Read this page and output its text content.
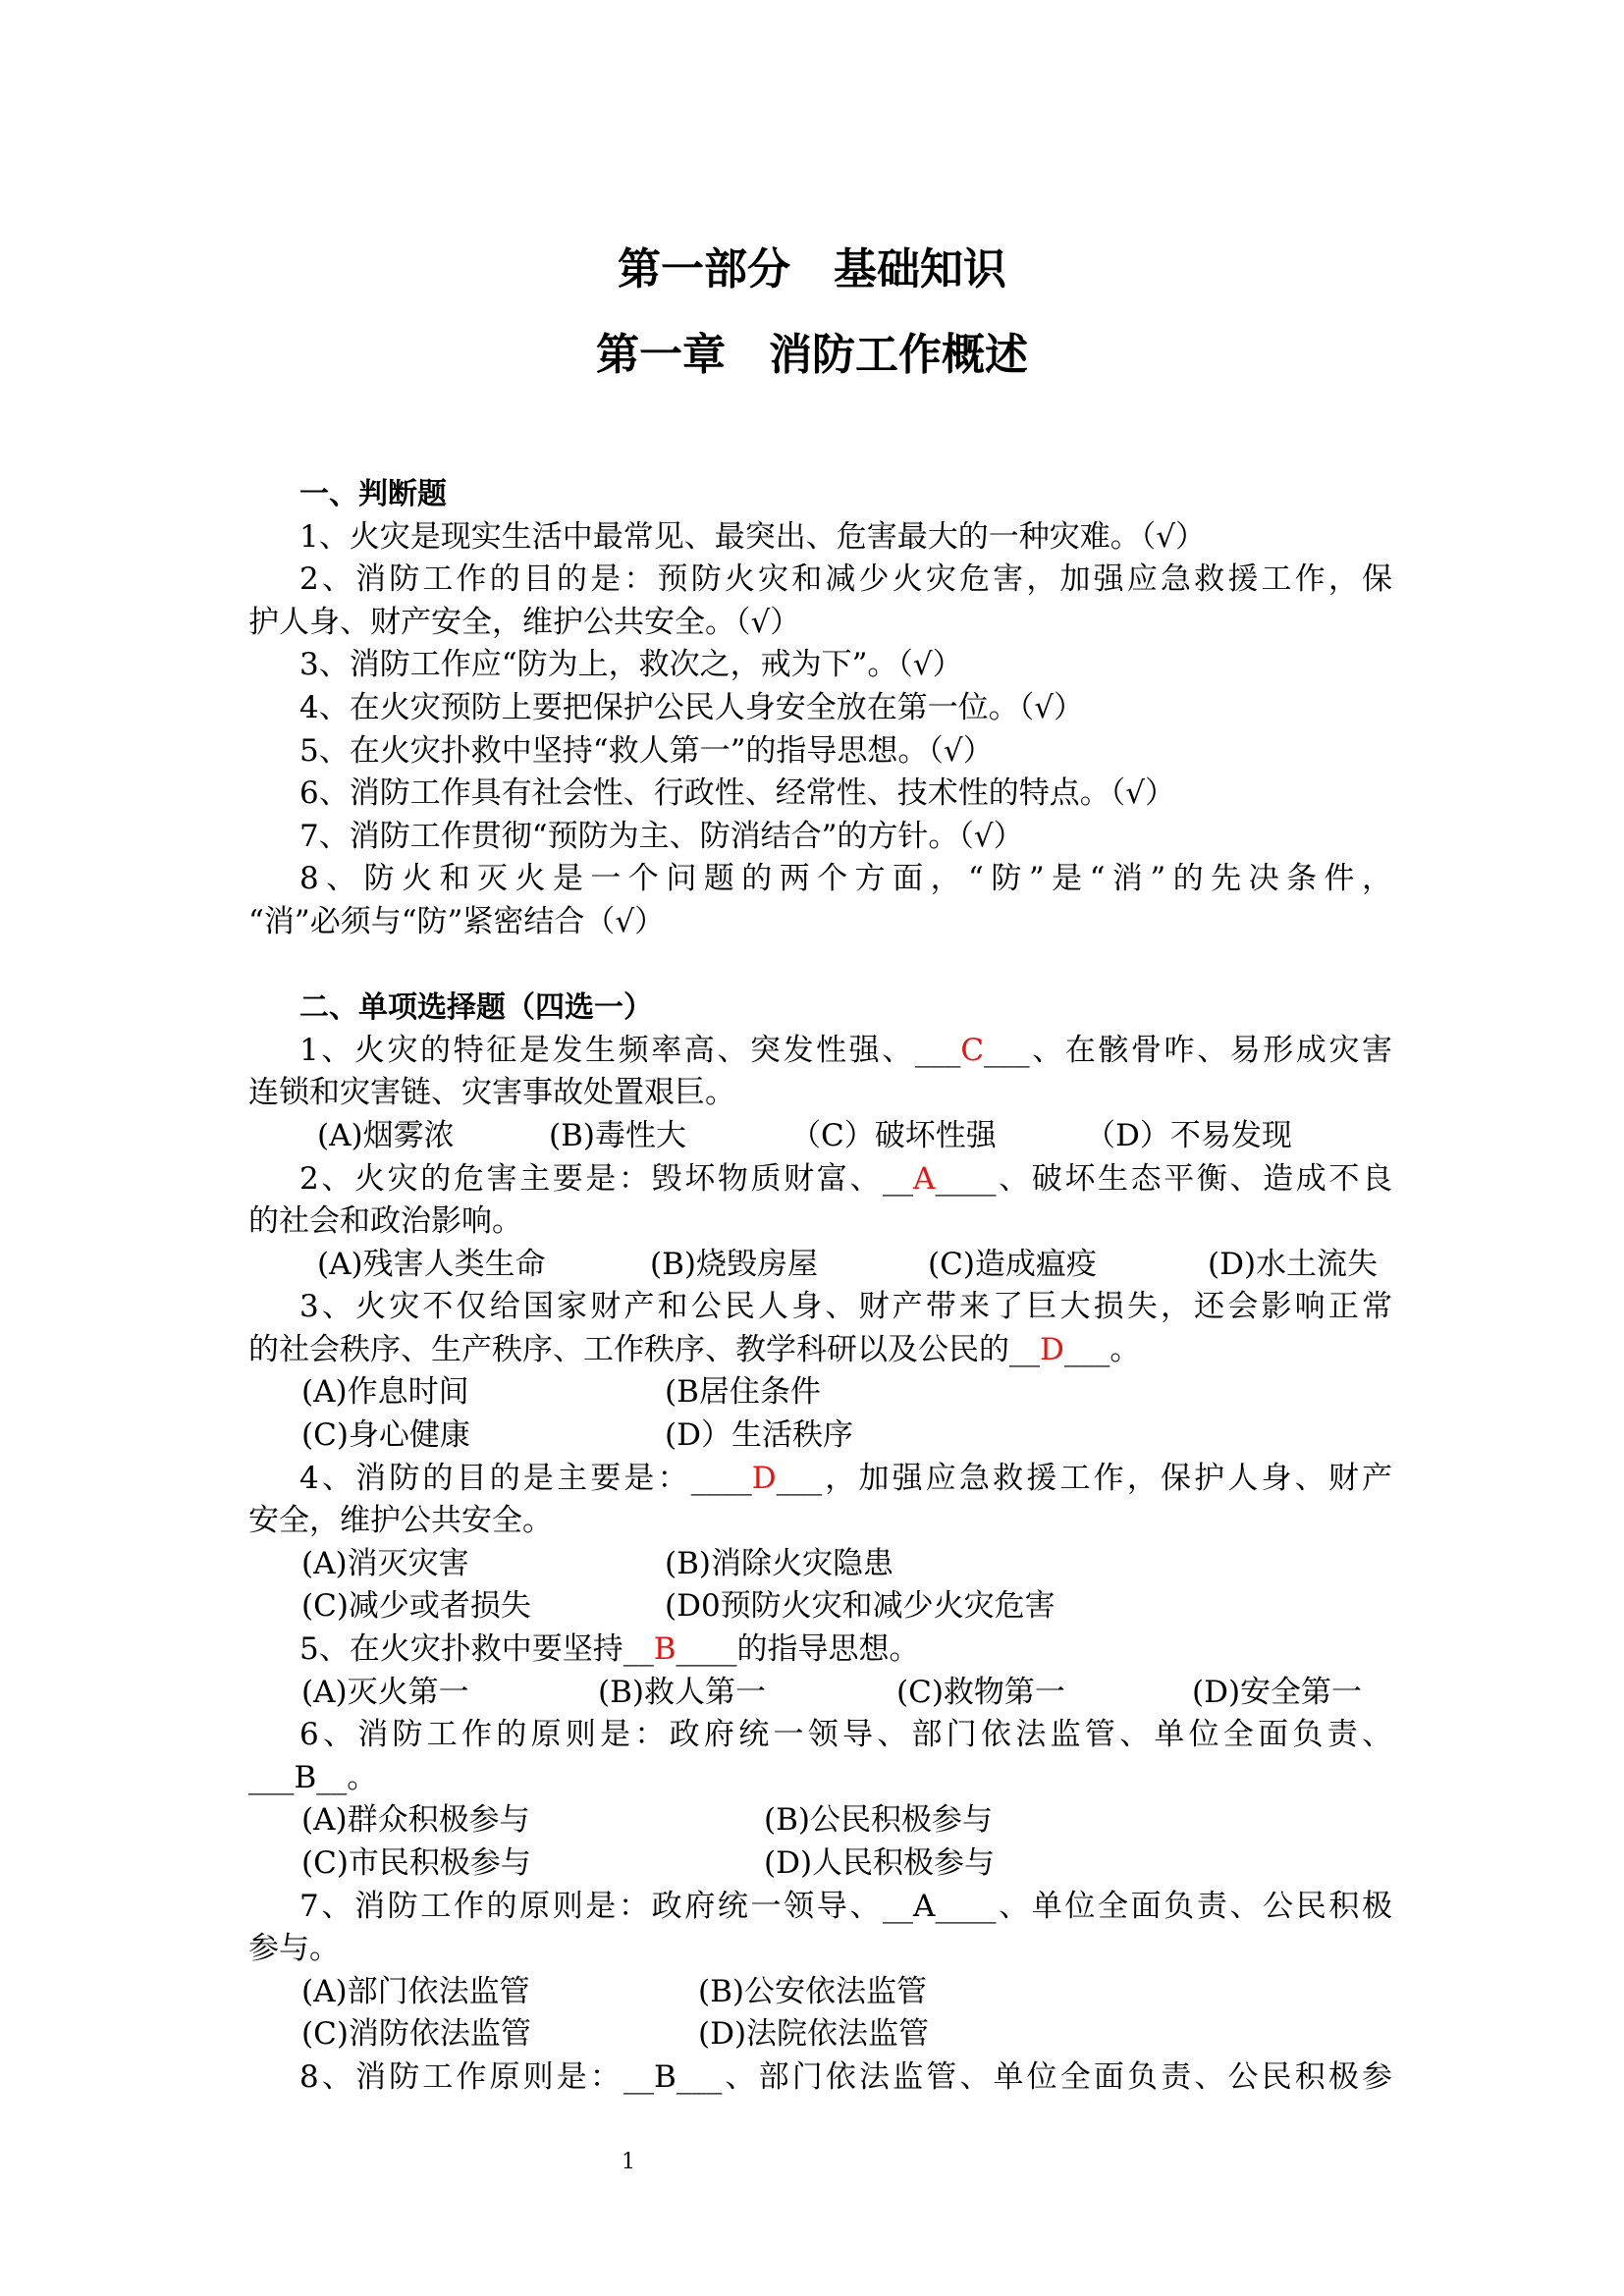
第一部分　基础知识
第一章　消防工作概述
一、判断题
1、火灾是现实生活中最常见、最突出、危害最大的一种灾难。（√）
2、消防工作的目的是：预防火灾和减少火灾危害，加强应急救援工作，保
护人身、财产安全，维护公共安全。（√）
3、消防工作应“防为上，救次之，戒为下”。（√）
4、在火灾预防上要把保护公民人身安全放在第一位。（√）
5、在火灾扑救中坚持“救人第一”的指导思想。（√）
6、消防工作具有社会性、行政性、经常性、技术性的特点。（√）
7、消防工作贯彻“预防为主、防消结合”的方针。（√）
8、防火和灭火是一个问题的两个方面，“防”是“消”的先决条件，
“消”必须与“防”紧密结合（√）
二、单项选择题（四选一）
1、火灾的特征是发生频率高、突发性强、___C___、在骸骨咋、易形成灾害
连锁和灾害链、灾害事故处置艰巨。
(A)烟雾浓	(B)毒性大	（C）破坏性强	（D）不易发现
2、火灾的危害主要是：毁坏物质财富、__A____、破坏生态平衡、造成不良
的社会和政治影响。
(A)残害人类生命	(B)烧毁房屋	(C)造成瘟疫	(D)水土流失
3、火灾不仅给国家财产和公民人身、财产带来了巨大损失，还会影响正常
的社会秩序、生产秩序、工作秩序、教学科研以及公民的__D___。
(A)作息时间	(B居住条件
(C)身心健康	(D）生活秩序
4、消防的目的是主要是：____D___，加强应急救援工作，保护人身、财产
安全，维护公共安全。
(A)消灭灾害	(B)消除火灾隐患
(C)减少或者损失	(D0预防火灾和减少火灾危害
5、在火灾扑救中要坚持__B____的指导思想。
(A)灭火第一	(B)救人第一	(C)救物第一	(D)安全第一
6、消防工作的原则是：政府统一领导、部门依法监管、单位全面负责、
___B__。
(A)群众积极参与	(B)公民积极参与
(C)市民积极参与	(D)人民积极参与
7、消防工作的原则是：政府统一领导、__A____、单位全面负责、公民积极
参与。
(A)部门依法监管	(B)公安依法监管
(C)消防依法监管	(D)法院依法监管
8、消防工作原则是：__B___、部门依法监管、单位全面负责、公民积极参
1
